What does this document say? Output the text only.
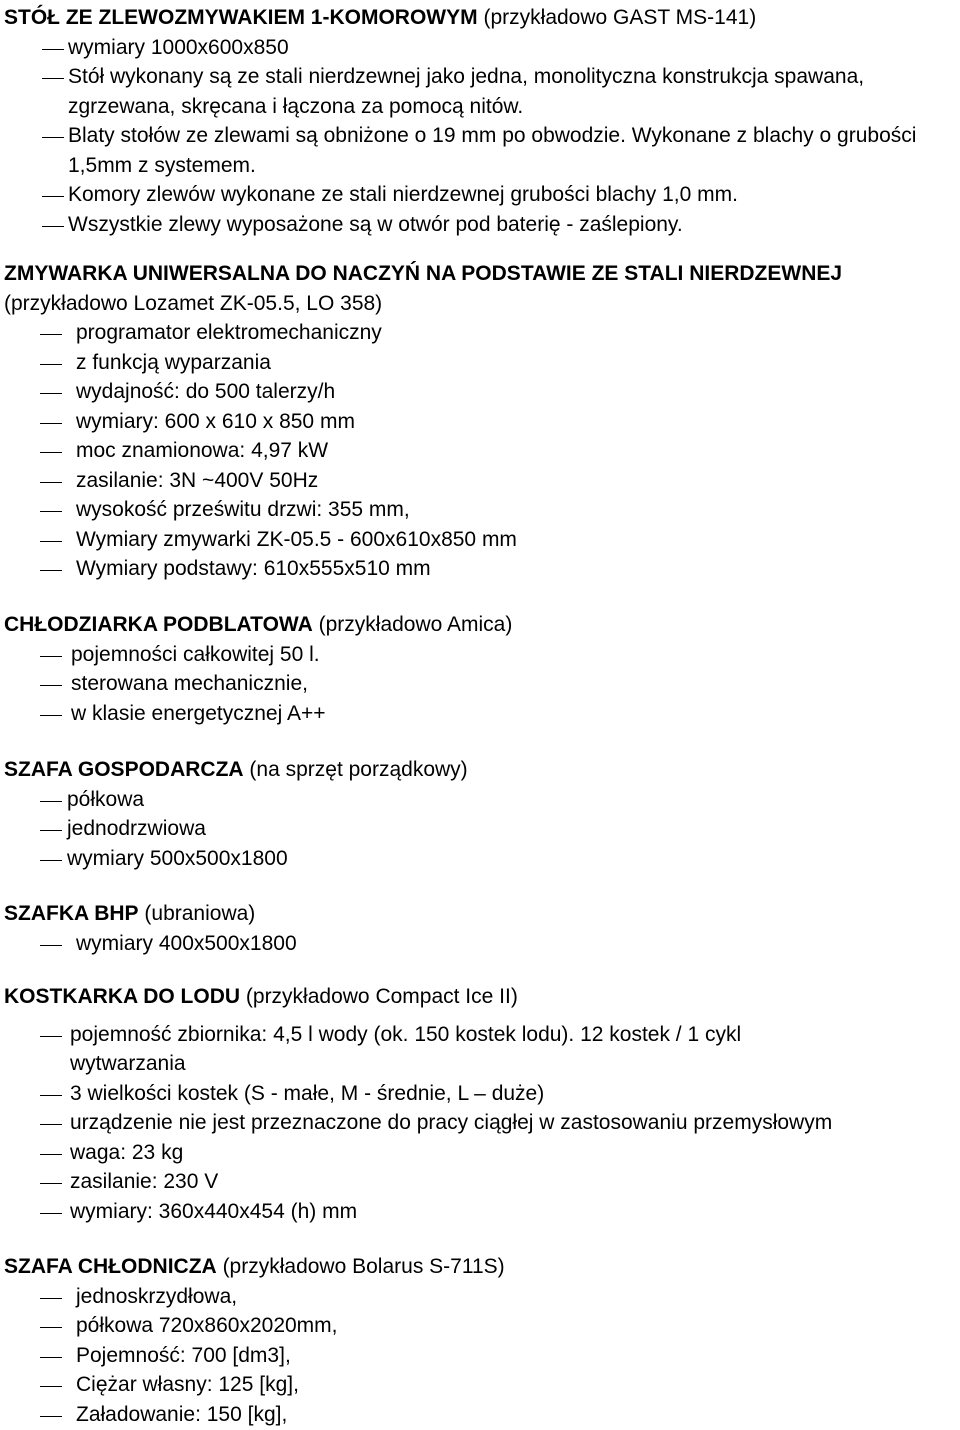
STÓŁ ZE ZLEWOZMYWAKIEM 1-KOMOROWYM (przykładowo GAST MS-141)

wymiary 1000x600x850
Stół wykonany są ze stali nierdzewnej jako jedna, monolityczna konstrukcja spawana, zgrzewana, skręcana i łączona za pomocą nitów.
Blaty stołów ze zlewami są obniżone o 19 mm po obwodzie. Wykonane z blachy o grubości 1,5mm z systemem.
Komory zlewów wykonane ze stali nierdzewnej grubości blachy 1,0 mm.
Wszystkie zlewy wyposażone są w otwór pod baterię - zaślepiony.

ZMYWARKA UNIWERSALNA DO NACZYŃ NA PODSTAWIE ZE STALI NIERDZEWNEJ
(przykładowo Lozamet ZK-05.5, LO 358)

programator elektromechaniczny
z funkcją wyparzania
wydajność: do 500 talerzy/h
wymiary: 600 x 610 x 850 mm
moc znamionowa: 4,97 kW
zasilanie: 3N ~400V 50Hz
wysokość prześwitu drzwi: 355 mm,
Wymiary zmywarki ZK-05.5 - 600x610x850 mm
Wymiary podstawy: 610x555x510 mm

CHŁODZIARKA PODBLATOWA (przykładowo Amica)

pojemności całkowitej 50 l.
sterowana mechanicznie,
w klasie energetycznej A++

SZAFA GOSPODARCZA (na sprzęt porządkowy)

półkowa
jednodrzwiowa
wymiary 500x500x1800

SZAFKA BHP (ubraniowa)

wymiary 400x500x1800

KOSTKARKA DO LODU (przykładowo Compact Ice II)

pojemność zbiornika: 4,5 l wody (ok. 150 kostek lodu). 12 kostek / 1 cykl wytwarzania
3 wielkości kostek (S - małe, M - średnie, L – duże)
urządzenie nie jest przeznaczone do pracy ciągłej w zastosowaniu przemysłowym
waga: 23 kg
zasilanie: 230 V
wymiary: 360x440x454 (h) mm

SZAFA CHŁODNICZA (przykładowo Bolarus S-711S)

jednoskrzydłowa,
półkowa 720x860x2020mm,
Pojemność: 700 [dm3],
Ciężar własny: 125 [kg],
Załadowanie: 150 [kg],
